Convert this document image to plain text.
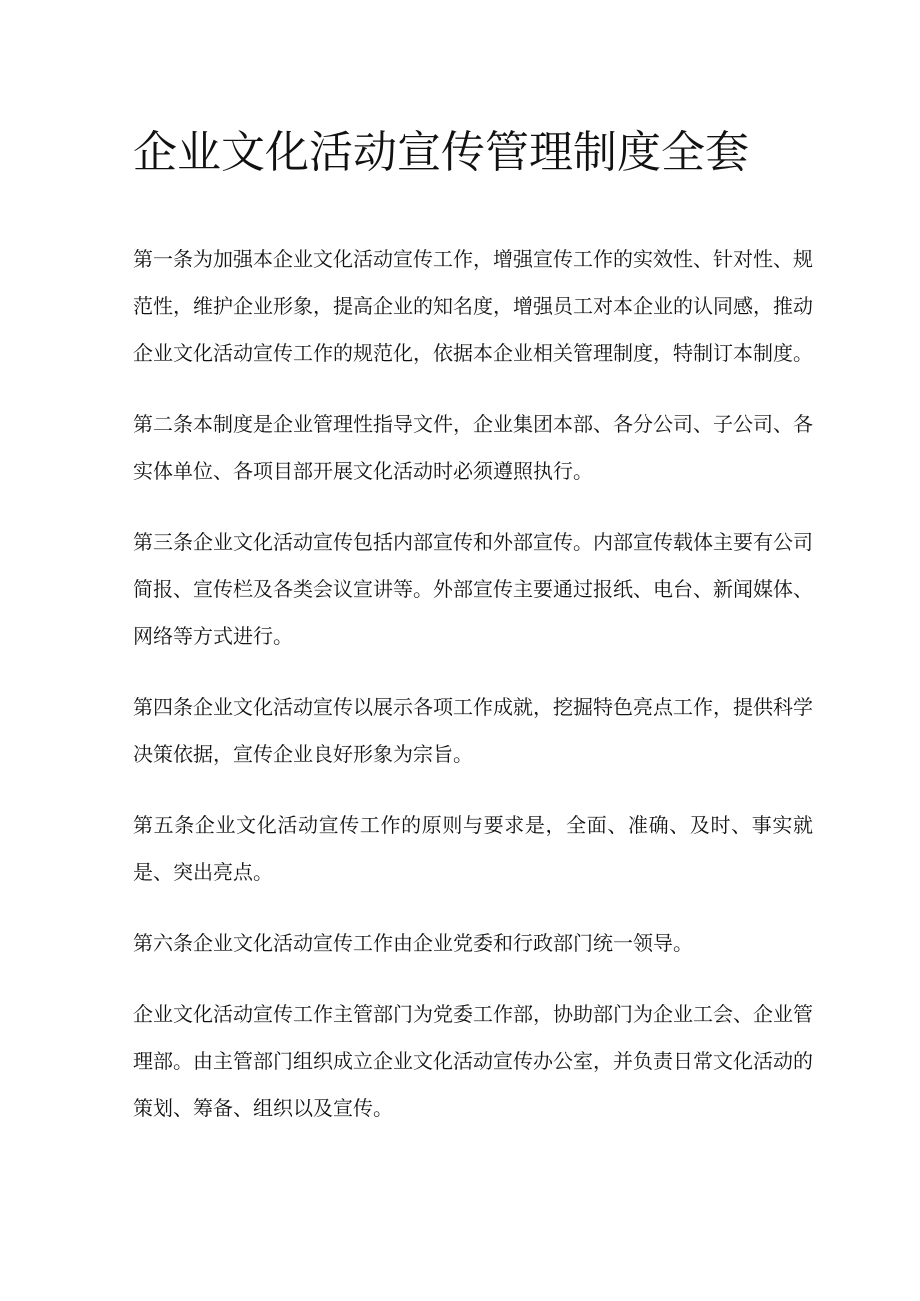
企业文化活动宣传管理制度全套

第一条为加强本企业文化活动宣传工作，增强宣传工作的实效性、针对性、规范性，维护企业形象，提高企业的知名度，增强员工对本企业的认同感，推动企业文化活动宣传工作的规范化，依据本企业相关管理制度，特制订本制度。

第二条本制度是企业管理性指导文件，企业集团本部、各分公司、子公司、各实体单位、各项目部开展文化活动时必须遵照执行。

第三条企业文化活动宣传包括内部宣传和外部宣传。内部宣传载体主要有公司简报、宣传栏及各类会议宣讲等。外部宣传主要通过报纸、电台、新闻媒体、网络等方式进行。

第四条企业文化活动宣传以展示各项工作成就，挖掘特色亮点工作，提供科学决策依据，宣传企业良好形象为宗旨。

第五条企业文化活动宣传工作的原则与要求是，全面、准确、及时、事实就是、突出亮点。

第六条企业文化活动宣传工作由企业党委和行政部门统一领导。

企业文化活动宣传工作主管部门为党委工作部，协助部门为企业工会、企业管理部。由主管部门组织成立企业文化活动宣传办公室，并负责日常文化活动的策划、筹备、组织以及宣传。
